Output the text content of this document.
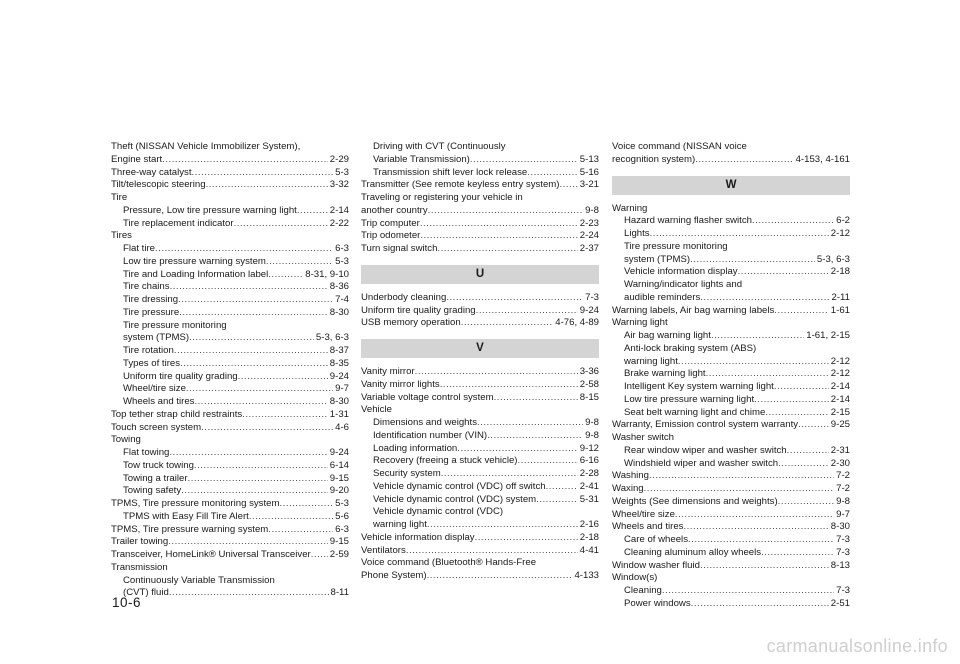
Theft (NISSAN Vehicle Immobilizer System),
Engine start .....	2-29
Three-way catalyst .....	5-3
Tilt/telescopic steering .....	3-32
Tire
Pressure, Low tire pressure warning light .....	2-14
Tire replacement indicator .....	2-22
Tires
Flat tire .....	6-3
Low tire pressure warning system .....	5-3
Tire and Loading Information label .....	8-31, 9-10
Tire chains .....	8-36
Tire dressing .....	7-4
Tire pressure .....	8-30
Tire pressure monitoring
system (TPMS) .....	5-3, 6-3
Tire rotation .....	8-37
Types of tires .....	8-35
Uniform tire quality grading .....	9-24
Wheel/tire size .....	9-7
Wheels and tires .....	8-30
Top tether strap child restraints .....	1-31
Touch screen system .....	4-6
Towing
Flat towing .....	9-24
Tow truck towing .....	6-14
Towing a trailer .....	9-15
Towing safety .....	9-20
TPMS, Tire pressure monitoring system .....	5-3
TPMS with Easy Fill Tire Alert .....	5-6
TPMS, Tire pressure warning system .....	6-3
Trailer towing .....	9-15
Transceiver, HomeLink® Universal Transceiver ..... 2-59
Transmission
Continuously Variable Transmission
(CVT) fluid .....	8-11
Driving with CVT (Continuously
Variable Transmission) .....	5-13
Transmission shift lever lock release .....	5-16
Transmitter (See remote keyless entry system) ..... 3-21
Traveling or registering your vehicle in
another country .....	9-8
Trip computer .....	2-23
Trip odometer .....	2-24
Turn signal switch .....	2-37
U
Underbody cleaning .....	7-3
Uniform tire quality grading .....	9-24
USB memory operation .....	4-76, 4-89
V
Vanity mirror .....	3-36
Vanity mirror lights .....	2-58
Variable voltage control system .....	8-15
Vehicle
Dimensions and weights .....	9-8
Identification number (VIN) .....	9-8
Loading information .....	9-12
Recovery (freeing a stuck vehicle) .....	6-16
Security system .....	2-28
Vehicle dynamic control (VDC) off switch .....	2-41
Vehicle dynamic control (VDC) system .....	5-31
Vehicle dynamic control (VDC)
warning light .....	2-16
Vehicle information display .....	2-18
Ventilators .....	4-41
Voice command (Bluetooth® Hands-Free
Phone System) .....	4-133
Voice command (NISSAN voice
recognition system) .....	4-153, 4-161
W
Warning
Hazard warning flasher switch .....	6-2
Lights .....	2-12
Tire pressure monitoring
system (TPMS) .....	5-3, 6-3
Vehicle information display .....	2-18
Warning/indicator lights and
audible reminders .....	2-11
Warning labels, Air bag warning labels .....	1-61
Warning light
Air bag warning light .....	1-61, 2-15
Anti-lock braking system (ABS)
warning light .....	2-12
Brake warning light .....	2-12
Intelligent Key system warning light .....	2-14
Low tire pressure warning light .....	2-14
Seat belt warning light and chime .....	2-15
Warranty, Emission control system warranty .....	9-25
Washer switch
Rear window wiper and washer switch .....	2-31
Windshield wiper and washer switch .....	2-30
Washing .....	7-2
Waxing .....	7-2
Weights (See dimensions and weights) .....	9-8
Wheel/tire size .....	9-7
Wheels and tires .....	8-30
Care of wheels .....	7-3
Cleaning aluminum alloy wheels .....	7-3
Window washer fluid .....	8-13
Window(s)
Cleaning .....	7-3
Power windows .....	2-51
10-6
carmanualsonline.info
